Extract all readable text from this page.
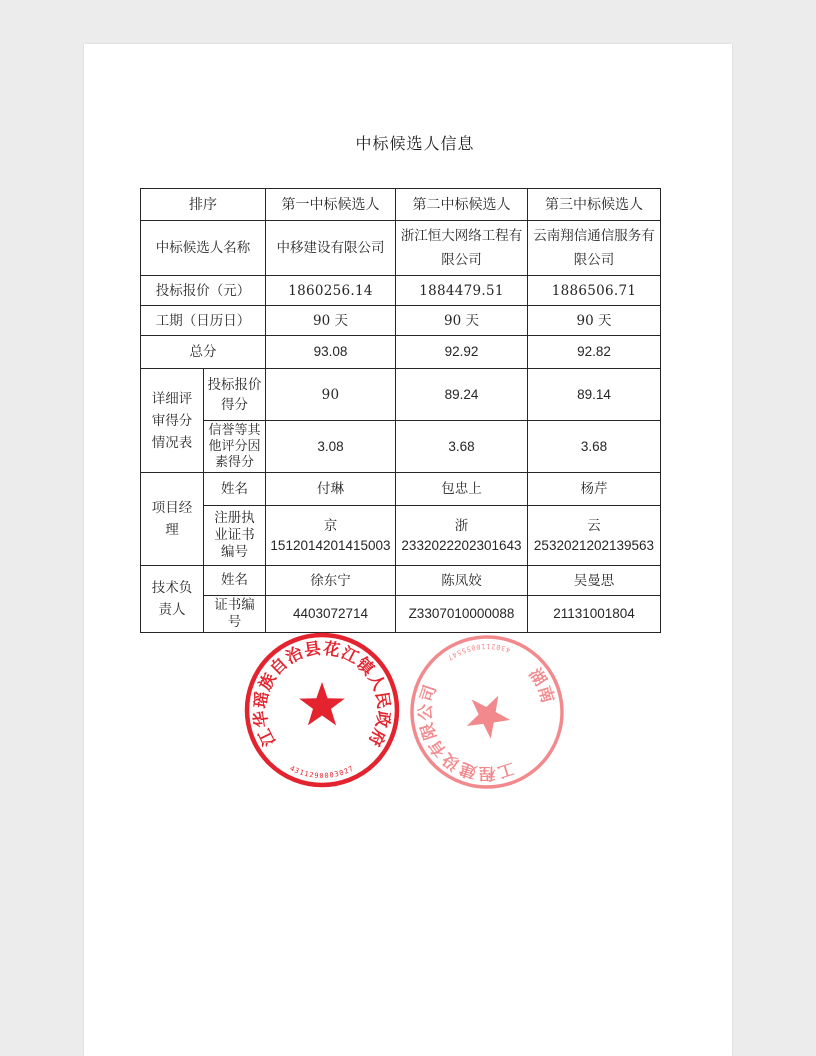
中标候选人信息
排序		第一中标候选人	第二中标候选人	第三中标候选人
中标候选人名称		中移建设有限公司	浙江恒大网络工程有限公司	云南翔信通信服务有限公司
投标报价（元）		1860256.14	1884479.51	1886506.71
工期（日历日）		90 天	90 天	90 天
总分		93.08	92.92	92.82
详细评审得分情况表	投标报价得分	90	89.24	89.14
	信誉等其他评分因素得分	3.08	3.68	3.68
项目经理	姓名	付琳	包忠上	杨芹
	注册执业证书编号	京 1512014201415003	浙 2332022202301643	云 2532021202139563
技术负责人	姓名	徐东宁	陈凤姣	吴曼思
	证书编号	4403072714	Z3307010000088	21131001804
江华瑶族自治县花江镇人民政府
4311290003027
湖南
工程建设有限公司
4302110055547
